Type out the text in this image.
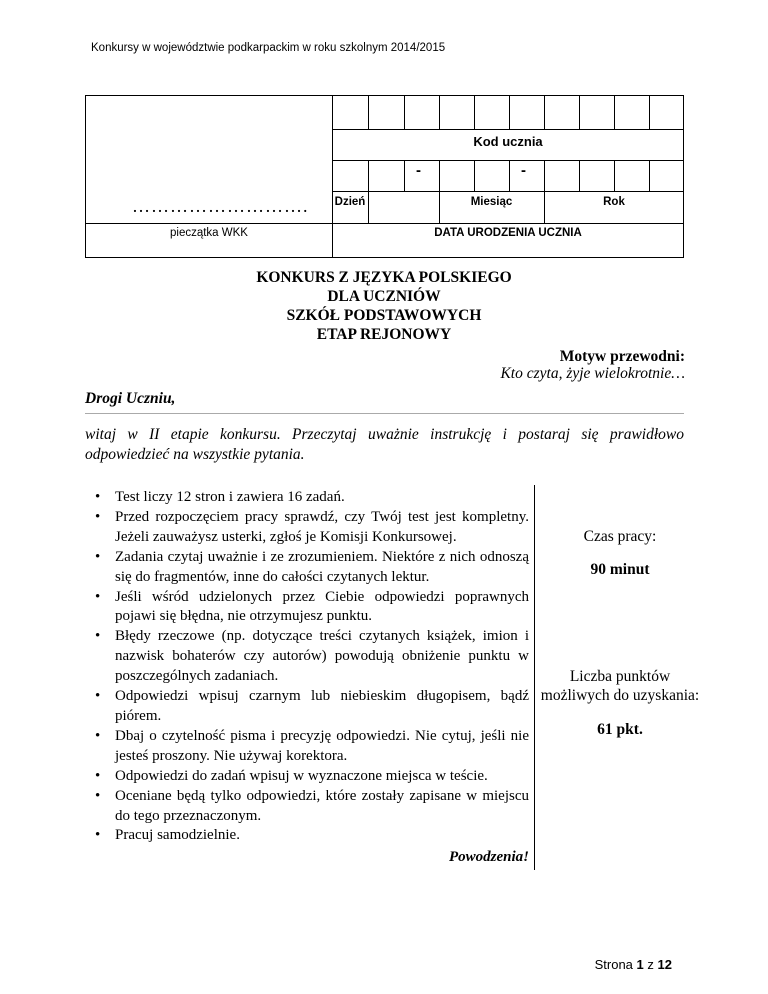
Konkursy w województwie podkarpackim w roku szkolnym 2014/2015
Kod ucznia
-	-
Dzień	Miesiąc	Rok
pieczątka WKK	DATA URODZENIA UCZNIA
……………………….
KONKURS Z JĘZYKA POLSKIEGO
DLA UCZNIÓW
SZKÓŁ PODSTAWOWYCH
ETAP REJONOWY
Motyw przewodni:
Kto czyta, żyje wielokrotnie…
Drogi Uczniu,
witaj w II etapie konkursu. Przeczytaj uważnie instrukcję i postaraj się prawidłowo odpowiedzieć na wszystkie pytania.
• Test liczy 12 stron i zawiera 16 zadań.
• Przed rozpoczęciem pracy sprawdź, czy Twój test jest kompletny. Jeżeli zauważysz usterki, zgłoś je Komisji Konkursowej.
• Zadania czytaj uważnie i ze zrozumieniem. Niektóre z nich odnoszą się do fragmentów, inne do całości czytanych lektur.
• Jeśli wśród udzielonych przez Ciebie odpowiedzi poprawnych pojawi się błędna, nie otrzymujesz punktu.
• Błędy rzeczowe (np. dotyczące treści czytanych książek, imion i nazwisk bohaterów czy autorów) powodują obniżenie punktu w poszczególnych zadaniach.
• Odpowiedzi wpisuj czarnym lub niebieskim długopisem, bądź piórem.
• Dbaj o czytelność pisma i precyzję odpowiedzi. Nie cytuj, jeśli nie jesteś proszony. Nie używaj korektora.
• Odpowiedzi do zadań wpisuj w wyznaczone miejsca w teście.
• Oceniane będą tylko odpowiedzi, które zostały zapisane w miejscu do tego przeznaczonym.
• Pracuj samodzielnie.
Powodzenia!
Czas pracy:
90 minut
Liczba punktów
możliwych do uzyskania:
61 pkt.
Strona 1 z 12
